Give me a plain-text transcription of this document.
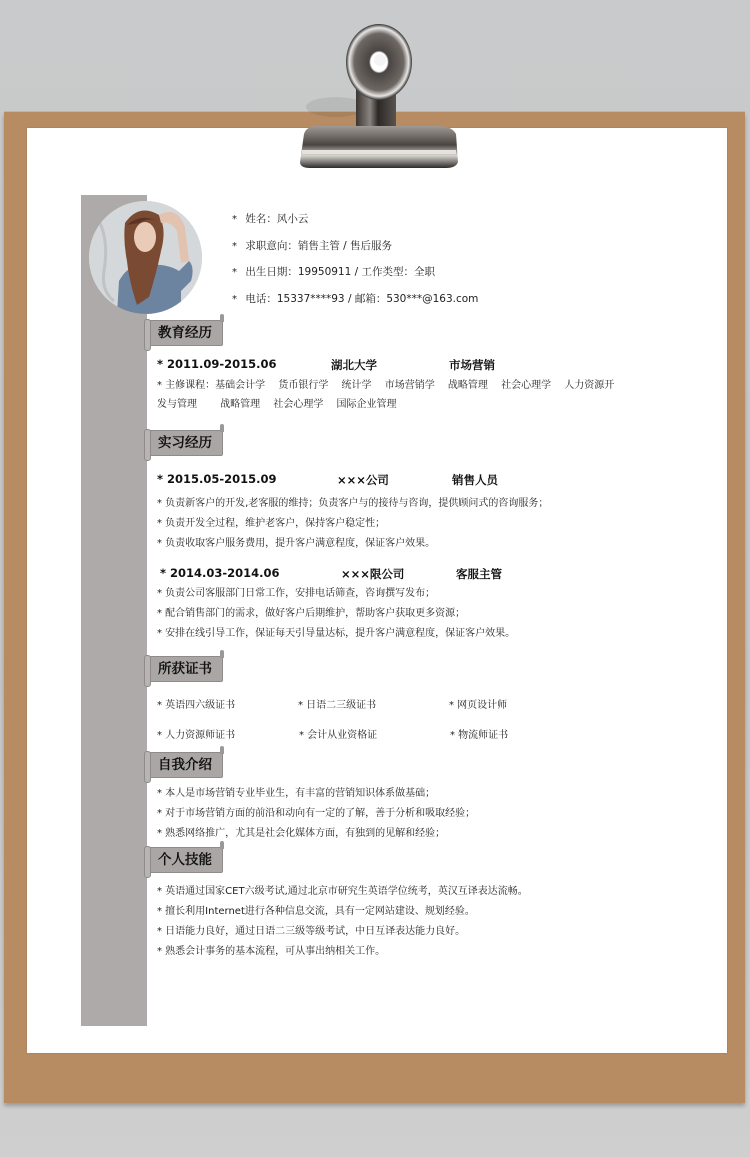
* 姓名：风小云
* 求职意向：销售主管 / 售后服务
* 出生日期：19950911 / 工作类型：全职
* 电话：15337****93 / 邮箱：530***@163.com
教育经历
* 2011.09-2015.06	湖北大学	市场营销
* 主修课程：基础会计学 　货币银行学 　统计学 　市场营销学 　战略管理 　社会心理学 　人力资源开发与管理 　　战略管理 　社会心理学 　国际企业管理
实习经历
* 2015.05-2015.09	×××公司	销售人员
* 负责新客户的开发,老客服的维持；负责客户与的接待与咨询，提供顾问式的咨询服务；
* 负责开发全过程，维护老客户，保持客户稳定性；
* 负责收取客户服务费用，提升客户满意程度，保证客户效果。
* 2014.03-2014.06	×××限公司	客服主管
* 负责公司客服部门日常工作，安排电话筛查，咨询撰写发布；
* 配合销售部门的需求，做好客户后期维护，帮助客户获取更多资源；
* 安排在线引导工作，保证每天引导量达标，提升客户满意程度，保证客户效果。
所获证书
* 英语四六级证书	* 日语二三级证书	* 网页设计师
* 人力资源师证书	* 会计从业资格证	* 物流师证书
自我介绍
* 本人是市场营销专业毕业生，有丰富的营销知识体系做基础；
* 对于市场营销方面的前沿和动向有一定的了解，善于分析和吸取经验；
* 熟悉网络推广，尤其是社会化媒体方面，有独到的见解和经验；
个人技能
* 英语通过国家CET六级考试,通过北京市研究生英语学位统考，英汉互译表达流畅。
* 擅长利用Internet进行各种信息交流，具有一定网站建设、规划经验。
* 日语能力良好，通过日语二三级等级考试，中日互译表达能力良好。
* 熟悉会计事务的基本流程，可从事出纳相关工作。
